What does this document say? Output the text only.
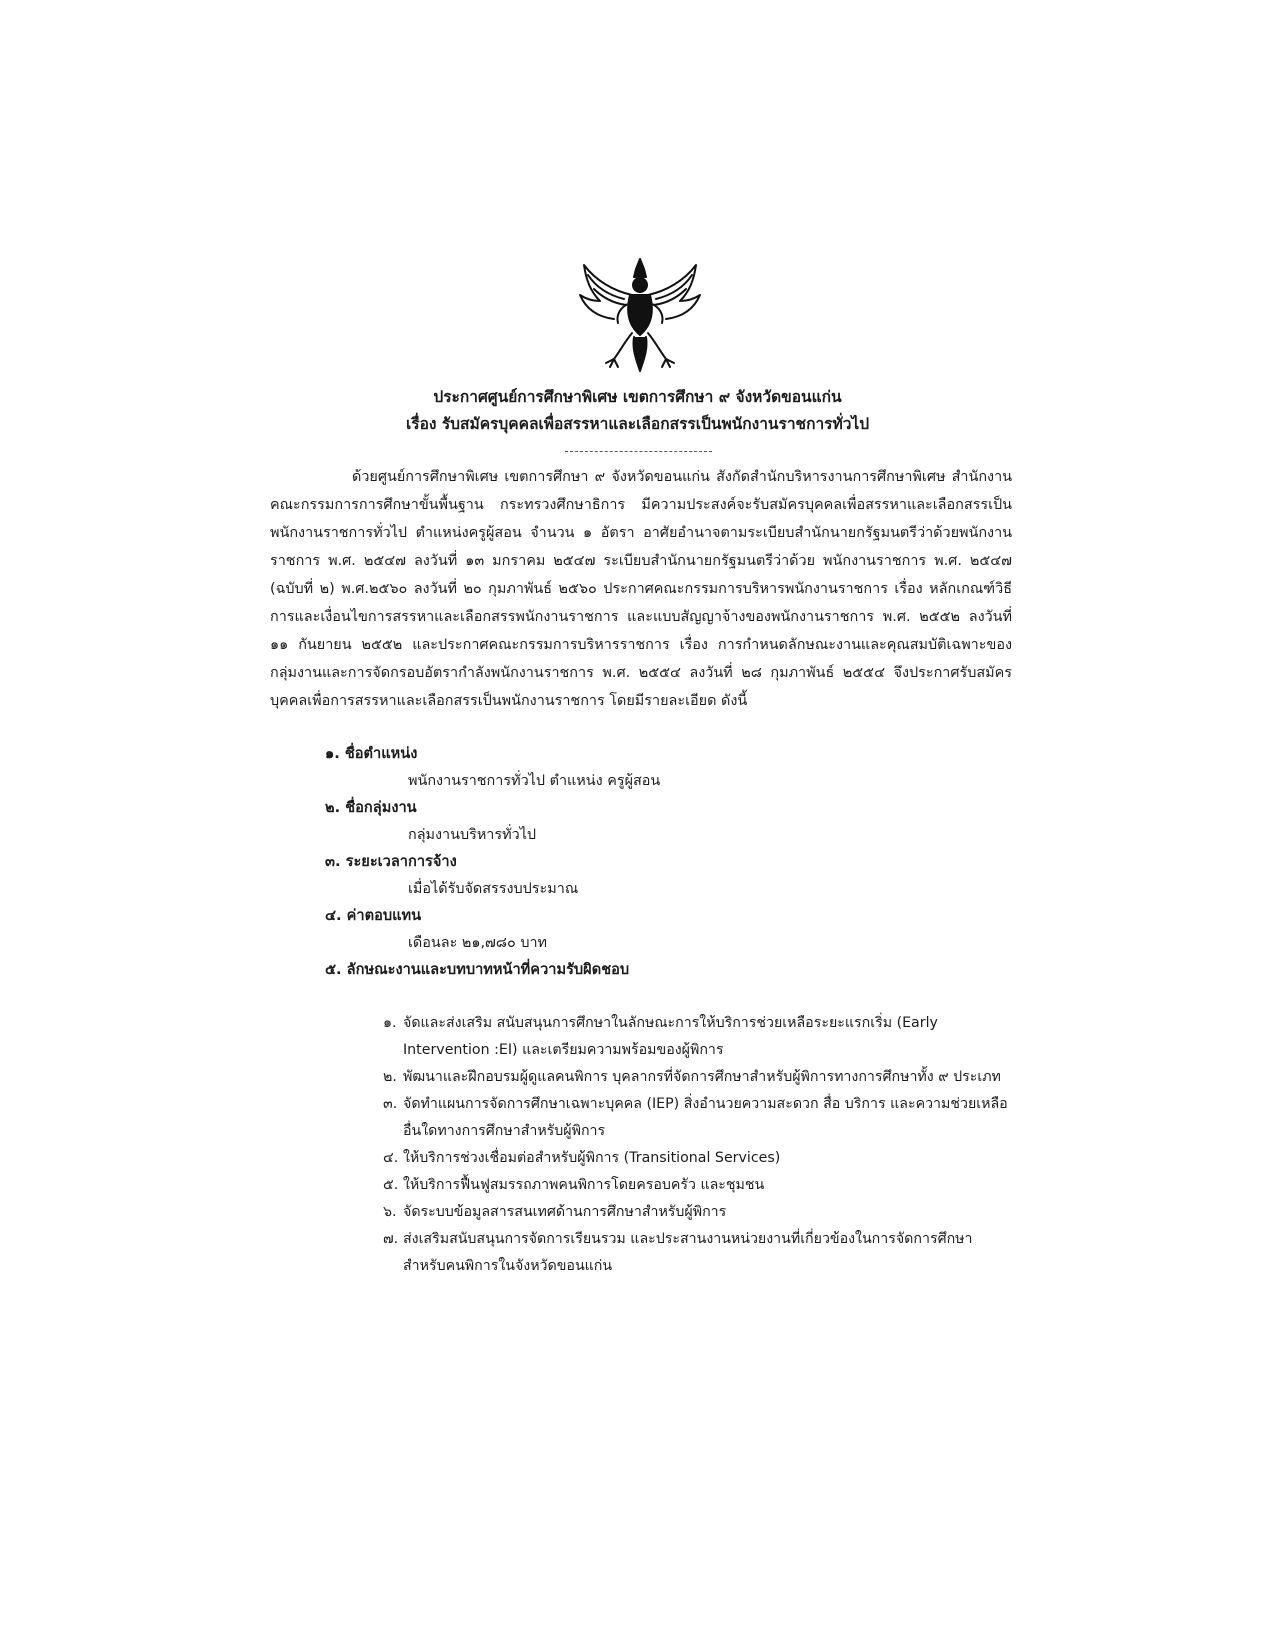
ประกาศศูนย์การศึกษาพิเศษ เขตการศึกษา ๙ จังหวัดขอนแก่น
เรื่อง รับสมัครบุคคลเพื่อสรรหาและเลือกสรรเป็นพนักงานราชการทั่วไป

ด้วยศูนย์การศึกษาพิเศษ เขตการศึกษา ๙ จังหวัดขอนแก่น สังกัดสำนักบริหารงานการศึกษาพิเศษ สำนักงานคณะกรรมการการศึกษาขั้นพื้นฐาน กระทรวงศึกษาธิการ มีความประสงค์จะรับสมัครบุคคลเพื่อสรรหาและเลือกสรรเป็นพนักงานราชการทั่วไป ตำแหน่งครูผู้สอน จำนวน ๑ อัตรา อาศัยอำนาจตามระเบียบสำนักนายกรัฐมนตรีว่าด้วยพนักงานราชการ พ.ศ. ๒๕๔๗ ลงวันที่ ๑๓ มกราคม ๒๕๔๗ ระเบียบสำนักนายกรัฐมนตรีว่าด้วย พนักงานราชการ พ.ศ. ๒๕๔๗ (ฉบับที่ ๒) พ.ศ.๒๕๖๐ ลงวันที่ ๒๐ กุมภาพันธ์ ๒๕๖๐ ประกาศคณะกรรมการบริหารพนักงานราชการ เรื่อง หลักเกณฑ์วิธีการและเงื่อนไขการสรรหาและเลือกสรรพนักงานราชการ และแบบสัญญาจ้างของพนักงานราชการ พ.ศ. ๒๕๕๒ ลงวันที่ ๑๑ กันยายน ๒๕๕๒ และประกาศคณะกรรมการบริหารราชการ เรื่อง การกำหนดลักษณะงานและคุณสมบัติเฉพาะของกลุ่มงานและการจัดกรอบอัตรากำลังพนักงานราชการ พ.ศ. ๒๕๕๔ ลงวันที่ ๒๘ กุมภาพันธ์ ๒๕๕๔ จึงประกาศรับสมัครบุคคลเพื่อการสรรหาและเลือกสรรเป็นพนักงานราชการ โดยมีรายละเอียด ดังนี้

๑. ชื่อตำแหน่ง
พนักงานราชการทั่วไป ตำแหน่ง ครูผู้สอน
๒. ชื่อกลุ่มงาน
กลุ่มงานบริหารทั่วไป
๓. ระยะเวลาการจ้าง
เมื่อได้รับจัดสรรงบประมาณ
๔. ค่าตอบแทน
เดือนละ ๒๑,๗๘๐ บาท
๕. ลักษณะงานและบทบาทหน้าที่ความรับผิดชอบ
๑. จัดและส่งเสริม สนับสนุนการศึกษาในลักษณะการให้บริการช่วยเหลือระยะแรกเริ่ม (Early Intervention :EI) และเตรียมความพร้อมของผู้พิการ
๒. พัฒนาและฝึกอบรมผู้ดูแลคนพิการ บุคลากรที่จัดการศึกษาสำหรับผู้พิการทางการศึกษาทั้ง ๙ ประเภท
๓. จัดทำแผนการจัดการศึกษาเฉพาะบุคคล (IEP) สิ่งอำนวยความสะดวก สื่อ บริการ และความช่วยเหลืออื่นใดทางการศึกษาสำหรับผู้พิการ
๔. ให้บริการช่วงเชื่อมต่อสำหรับผู้พิการ (Transitional Services)
๕. ให้บริการฟื้นฟูสมรรถภาพคนพิการโดยครอบครัว และชุมชน
๖. จัดระบบข้อมูลสารสนเทศด้านการศึกษาสำหรับผู้พิการ
๗. ส่งเสริมสนับสนุนการจัดการเรียนรวม และประสานงานหน่วยงานที่เกี่ยวข้องในการจัดการศึกษาสำหรับคนพิการในจังหวัดขอนแก่น
